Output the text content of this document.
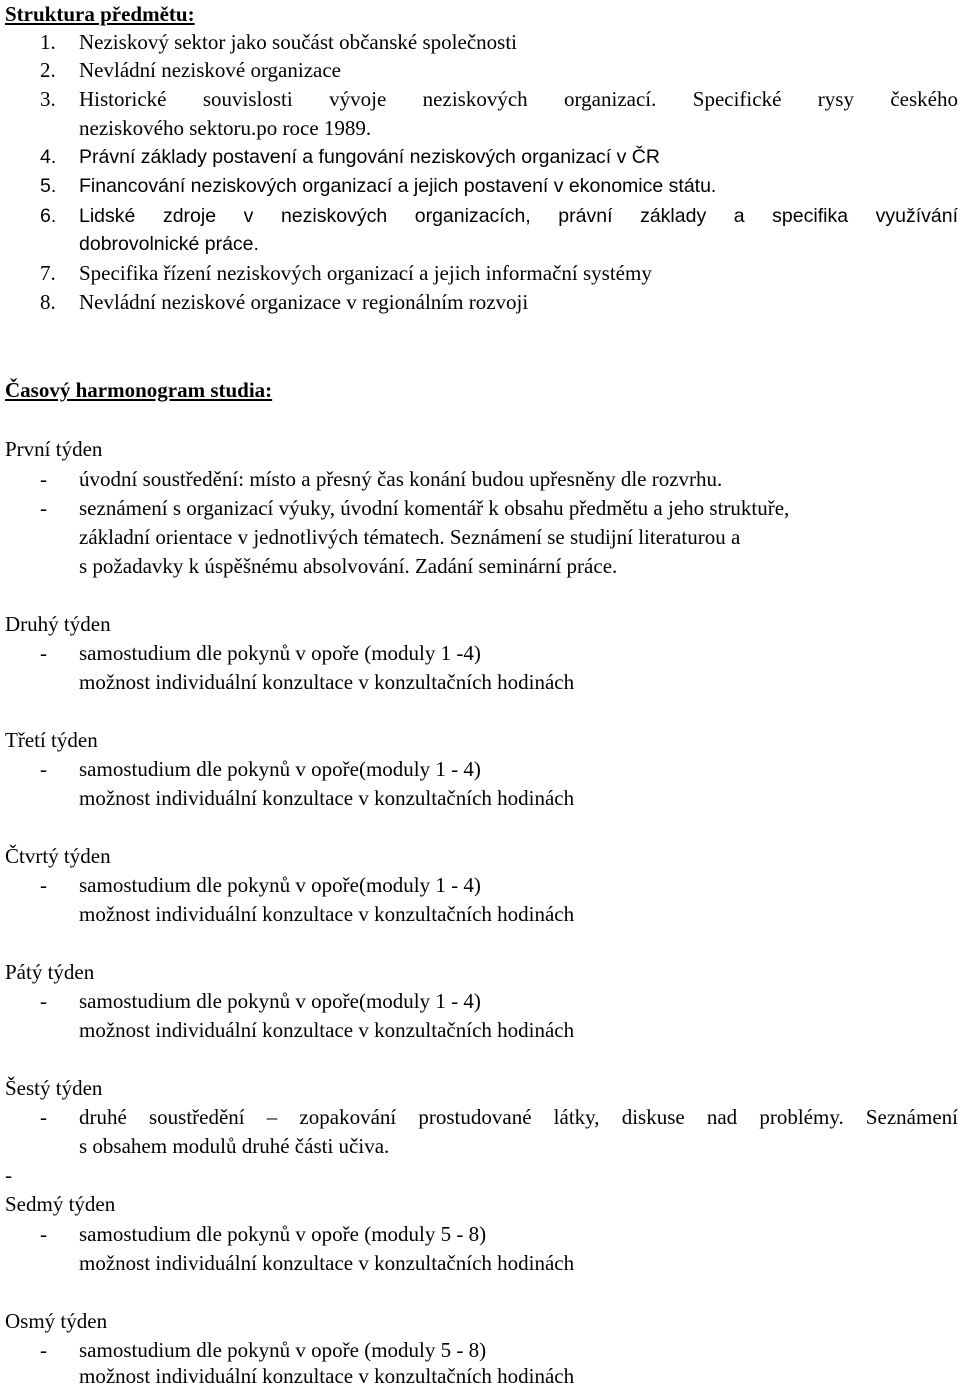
Struktura předmětu:
1. Neziskový sektor jako součást občanské společnosti
2. Nevládní neziskové organizace
3. Historické souvislosti vývoje neziskových organizací. Specifické rysy českého
neziskového sektoru.po roce 1989.
4. Právní základy postavení a fungování neziskových organizací v ČR
5. Financování neziskových organizací a jejich postavení v ekonomice státu.
6. Lidské zdroje v neziskových organizacích, právní základy a specifika využívání
dobrovolnické práce.
7. Specifika řízení neziskových organizací a jejich informační systémy
8. Nevládní neziskové organizace v regionálním rozvoji
Časový harmonogram studia:
První týden
- úvodní soustředění: místo a přesný čas konání budou upřesněny dle rozvrhu.
- seznámení s organizací výuky, úvodní komentář k obsahu předmětu a jeho struktuře,
základní orientace v jednotlivých tématech. Seznámení se studijní literaturou a
s požadavky k úspěšnému absolvování. Zadání seminární práce.
Druhý týden
- samostudium dle pokynů v opoře (moduly 1 -4)
možnost individuální konzultace v konzultačních hodinách
Třetí týden
- samostudium dle pokynů v opoře(moduly 1 - 4)
možnost individuální konzultace v konzultačních hodinách
Čtvrtý týden
- samostudium dle pokynů v opoře(moduly 1 - 4)
možnost individuální konzultace v konzultačních hodinách
Pátý týden
- samostudium dle pokynů v opoře(moduly 1 - 4)
možnost individuální konzultace v konzultačních hodinách
Šestý týden
- druhé soustředění – zopakování prostudované látky, diskuse nad problémy. Seznámení
s obsahem modulů druhé části učiva.
-
Sedmý týden
- samostudium dle pokynů v opoře (moduly 5 - 8)
možnost individuální konzultace v konzultačních hodinách
Osmý týden
- samostudium dle pokynů v opoře (moduly 5 - 8)
možnost individuální konzultace v konzultačních hodinách
